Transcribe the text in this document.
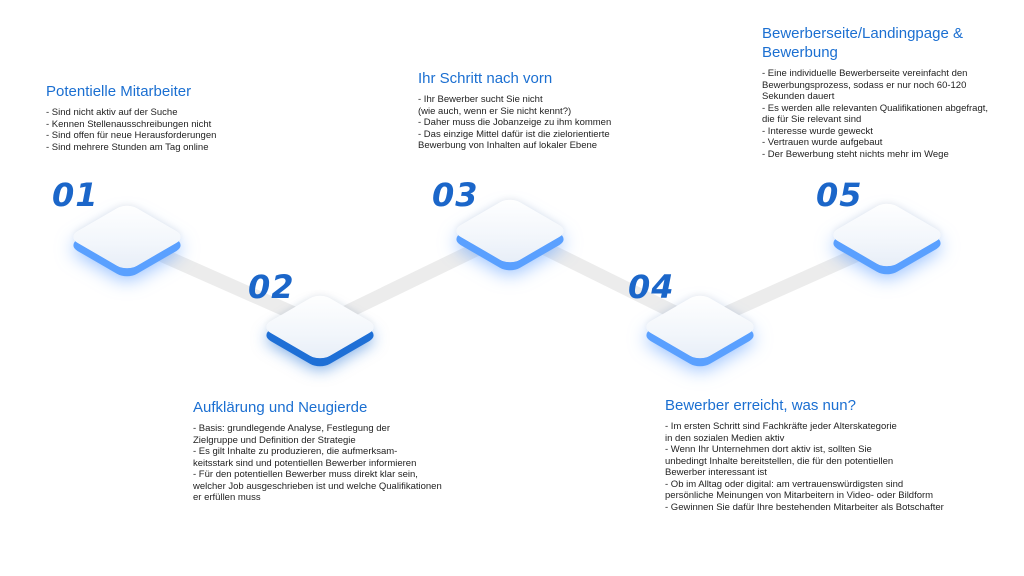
Potentielle Mitarbeiter
- Sind nicht aktiv auf der Suche
- Kennen Stellenausschreibungen nicht
- Sind offen für neue Herausforderungen
- Sind mehrere Stunden am Tag online
01
02
Aufklärung und Neugierde
- Basis: grundlegende Analyse, Festlegung der
Zielgruppe und Definition der Strategie
- Es gilt Inhalte zu produzieren, die aufmerksam-
keitsstark sind und potentiellen Bewerber informieren
- Für den potentiellen Bewerber muss direkt klar sein,
welcher Job ausgeschrieben ist und welche Qualifikationen
er erfüllen muss
Ihr Schritt nach vorn
- Ihr Bewerber sucht Sie nicht
(wie auch, wenn er Sie nicht kennt?)
- Daher muss die Jobanzeige zu ihm kommen
- Das einzige Mittel dafür ist die zielorientierte
Bewerbung von Inhalten auf lokaler Ebene
03
04
Bewerber erreicht, was nun?
- Im ersten Schritt sind Fachkräfte jeder Alterskategorie
in den sozialen Medien aktiv
- Wenn Ihr Unternehmen dort aktiv ist, sollten Sie
unbedingt Inhalte bereitstellen, die für den potentiellen
Bewerber interessant ist
- Ob im Alltag oder digital: am vertrauenswürdigsten sind
persönliche Meinungen von Mitarbeitern in Video- oder Bildform
- Gewinnen Sie dafür Ihre bestehenden Mitarbeiter als Botschafter
Bewerberseite/Landingpage &
Bewerbung
- Eine individuelle Bewerberseite vereinfacht den
Bewerbungsprozess, sodass er nur noch 60-120
Sekunden dauert
- Es werden alle relevanten Qualifikationen abgefragt,
die für Sie relevant sind
- Interesse wurde geweckt
- Vertrauen wurde aufgebaut
- Der Bewerbung steht nichts mehr im Wege
05
